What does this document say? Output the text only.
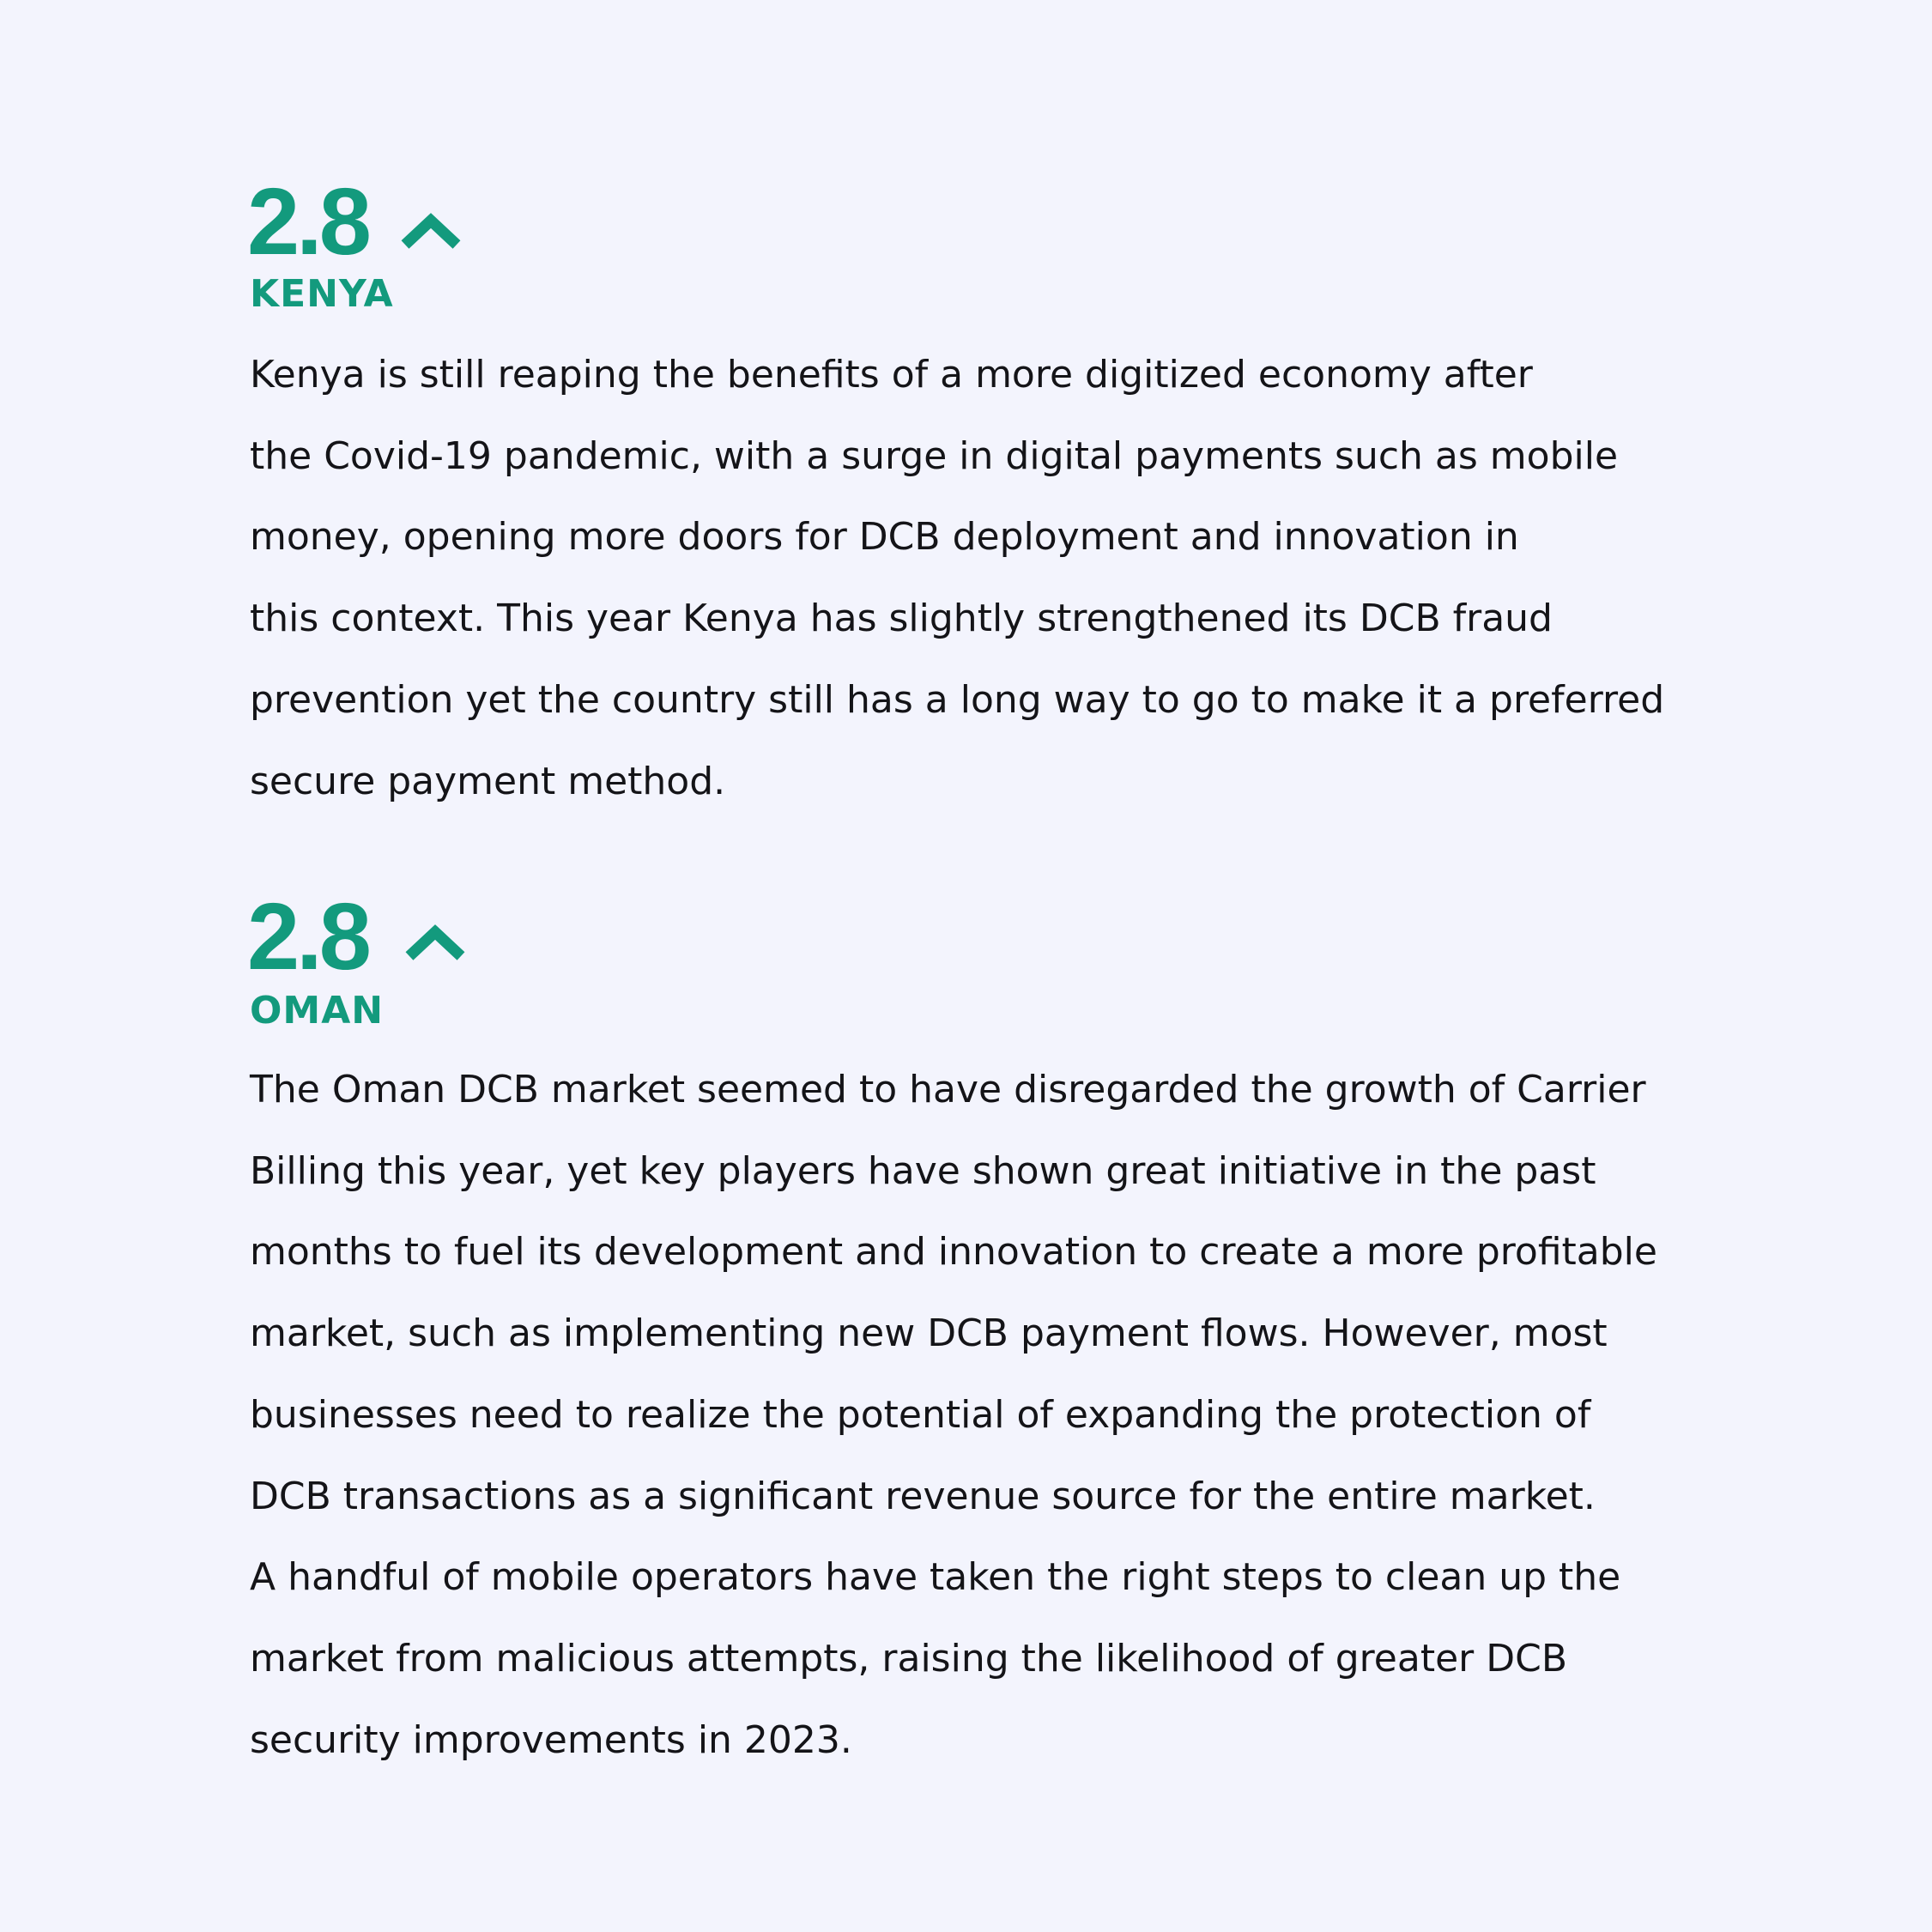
2.8
KENYA

Kenya is still reaping the benefits of a more digitized economy after
the Covid-19 pandemic, with a surge in digital payments such as mobile
money, opening more doors for DCB deployment and innovation in
this context. This year Kenya has slightly strengthened its DCB fraud
prevention yet the country still has a long way to go to make it a preferred
secure payment method.

2.8
OMAN

The Oman DCB market seemed to have disregarded the growth of Carrier
Billing this year, yet key players have shown great initiative in the past
months to fuel its development and innovation to create a more profitable
market, such as implementing new DCB payment flows. However, most
businesses need to realize the potential of expanding the protection of
DCB transactions as a significant revenue source for the entire market.
A handful of mobile operators have taken the right steps to clean up the
market from malicious attempts, raising the likelihood of greater DCB
security improvements in 2023.
